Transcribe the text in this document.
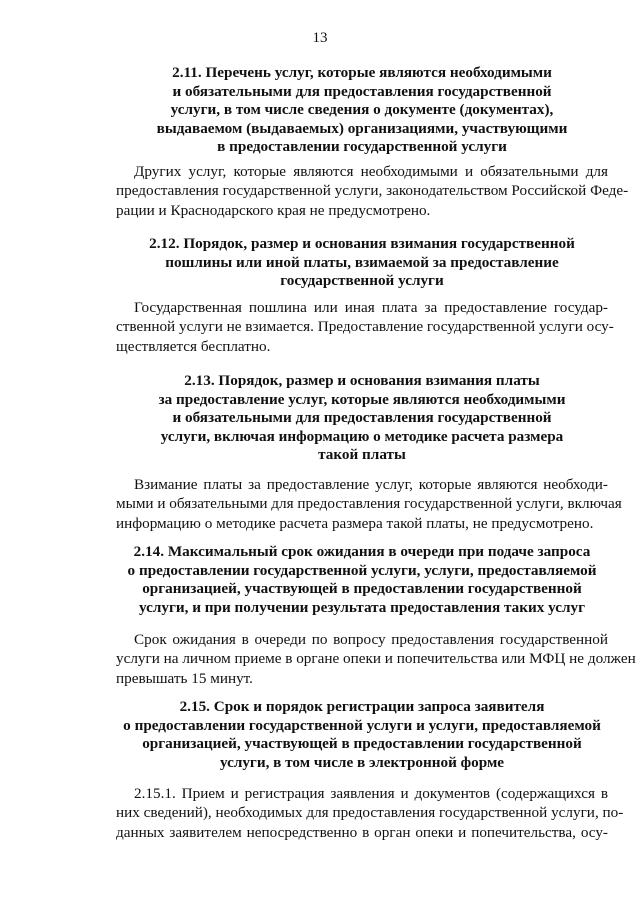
13
2.11. Перечень услуг, которые являются необходимыми
и обязательными для предоставления государственной
услуги, в том числе сведения о документе (документах),
выдаваемом (выдаваемых) организациями, участвующими
в предоставлении государственной услуги
Других услуг, которые являются необходимыми и обязательными для
предоставления государственной услуги, законодательством Российской Феде-
рации и Краснодарского края не предусмотрено.
2.12. Порядок, размер и основания взимания государственной
пошлины или иной платы, взимаемой за предоставление
государственной услуги
Государственная пошлина или иная плата за предоставление государ-
ственной услуги не взимается. Предоставление государственной услуги осу-
ществляется бесплатно.
2.13. Порядок, размер и основания взимания платы
за предоставление услуг, которые являются необходимыми
и обязательными для предоставления государственной
услуги, включая информацию о методике расчета размера
такой платы
Взимание платы за предоставление услуг, которые являются необходи-
мыми и обязательными для предоставления государственной услуги, включая
информацию о методике расчета размера такой платы, не предусмотрено.
2.14. Максимальный срок ожидания в очереди при подаче запроса
о предоставлении государственной услуги, услуги, предоставляемой
организацией, участвующей в предоставлении государственной
услуги, и при получении результата предоставления таких услуг
Срок ожидания в очереди по вопросу предоставления государственной
услуги на личном приеме в органе опеки и попечительства или МФЦ не должен
превышать 15 минут.
2.15. Срок и порядок регистрации запроса заявителя
о предоставлении государственной услуги и услуги, предоставляемой
организацией, участвующей в предоставлении государственной
услуги, в том числе в электронной форме
2.15.1. Прием и регистрация заявления и документов (содержащихся в
них сведений), необходимых для предоставления государственной услуги, по-
данных заявителем непосредственно в орган опеки и попечительства, осу-
